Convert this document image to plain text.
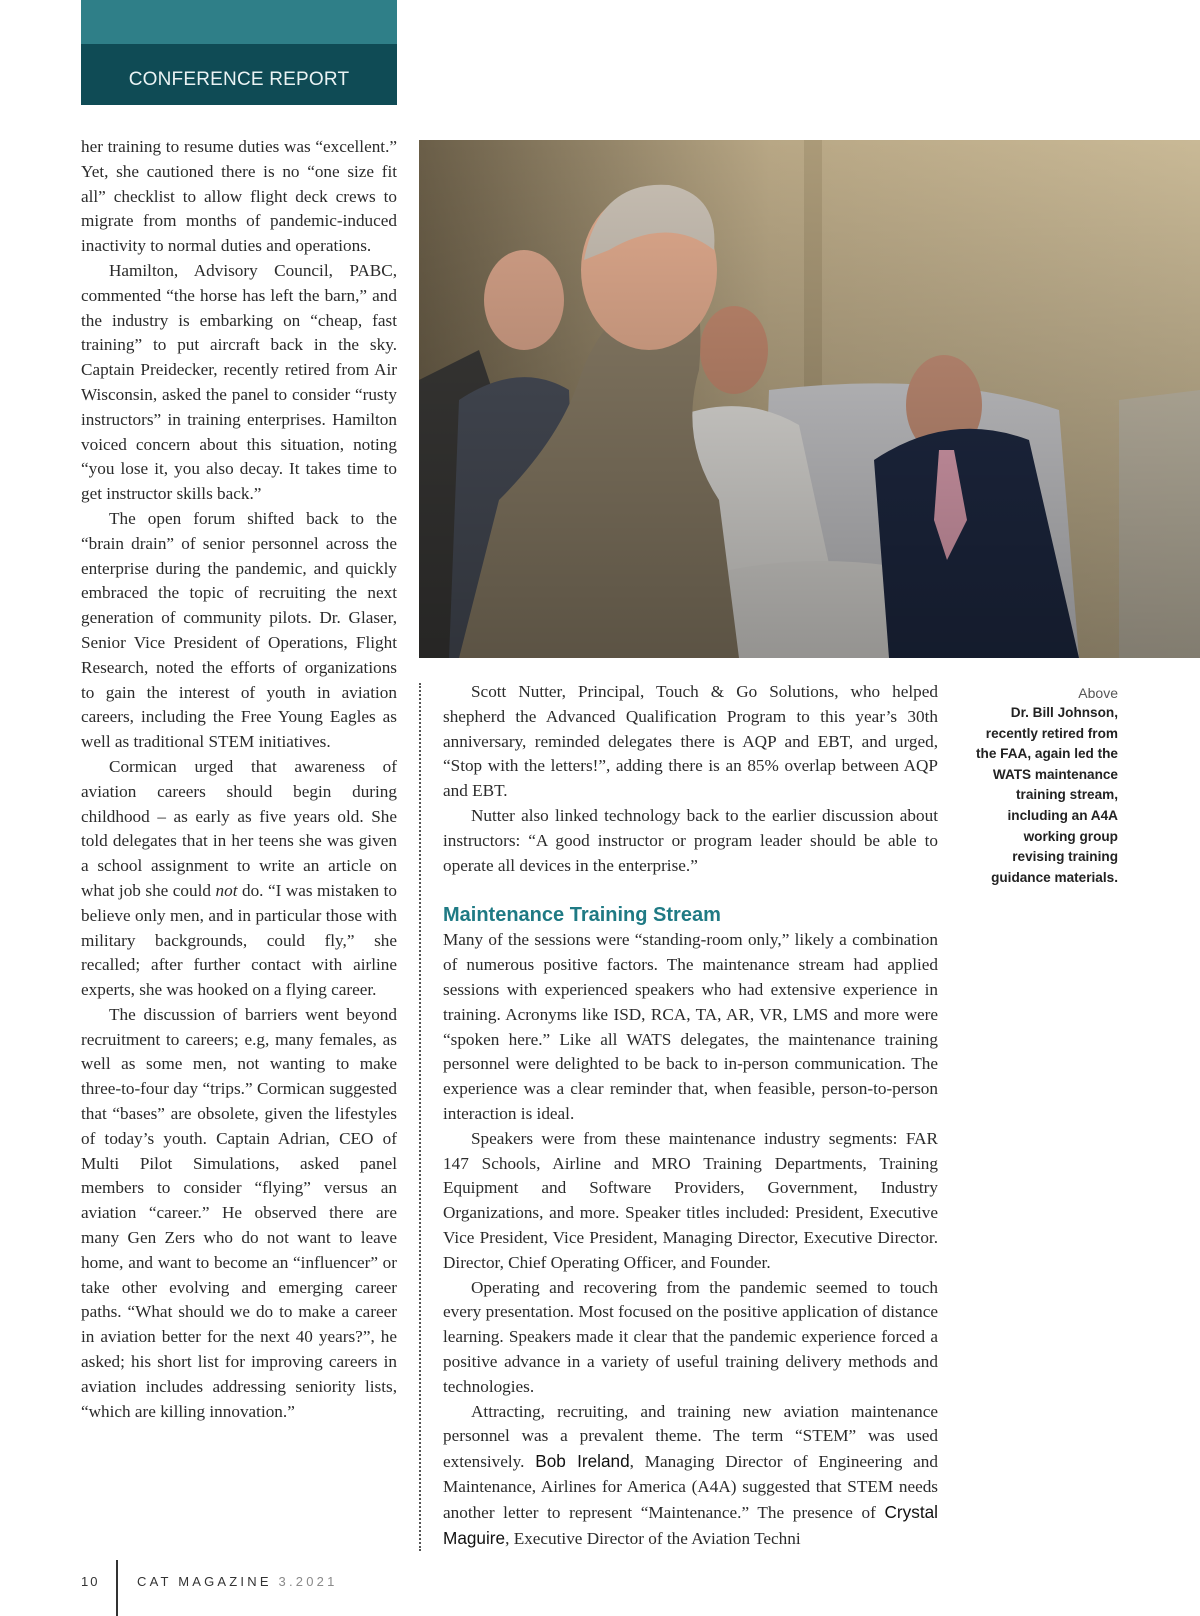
CONFERENCE REPORT

her training to resume duties was “excellent.” Yet, she cautioned there is no “one size fit all” checklist to allow flight deck crews to migrate from months of pandemic-induced inactivity to normal duties and operations.

Hamilton, Advisory Council, PABC, commented “the horse has left the barn,” and the industry is embarking on “cheap, fast training” to put aircraft back in the sky. Captain Preidecker, recently retired from Air Wisconsin, asked the panel to consider “rusty instructors” in training enterprises. Hamilton voiced concern about this situation, noting “you lose it, you also decay. It takes time to get instructor skills back.”

The open forum shifted back to the “brain drain” of senior personnel across the enterprise during the pandemic, and quickly embraced the topic of recruiting the next generation of community pilots. Dr. Glaser, Senior Vice President of Operations, Flight Research, noted the efforts of organizations to gain the interest of youth in aviation careers, including the Free Young Eagles as well as traditional STEM initiatives.

Cormican urged that awareness of aviation careers should begin during childhood – as early as five years old. She told delegates that in her teens she was given a school assignment to write an article on what job she could not do. “I was mistaken to believe only men, and in particular those with military backgrounds, could fly,” she recalled; after further contact with airline experts, she was hooked on a flying career.

The discussion of barriers went beyond recruitment to careers; e.g, many females, as well as some men, not wanting to make three-to-four day “trips.” Cormican suggested that “bases” are obsolete, given the lifestyles of today’s youth. Captain Adrian, CEO of Multi Pilot Simulations, asked panel members to consider “flying” versus an aviation “career.” He observed there are many Gen Zers who do not want to leave home, and want to become an “influencer” or take other evolving and emerging career paths. “What should we do to make a career in aviation better for the next 40 years?”, he asked; his short list for improving careers in aviation includes addressing seniority lists, “which are killing innovation.”

Scott Nutter, Principal, Touch & Go Solutions, who helped shepherd the Advanced Qualification Program to this year’s 30th anniversary, reminded delegates there is AQP and EBT, and urged, “Stop with the letters!”, adding there is an 85% overlap between AQP and EBT.

Nutter also linked technology back to the earlier discussion about instructors: “A good instructor or program leader should be able to operate all devices in the enterprise.”

Maintenance Training Stream

Many of the sessions were “standing-room only,” likely a combination of numerous positive factors. The maintenance stream had applied sessions with experienced speakers who had extensive experience in training. Acronyms like ISD, RCA, TA, AR, VR, LMS and more were “spoken here.” Like all WATS delegates, the maintenance training personnel were delighted to be back to in-person communication. The experience was a clear reminder that, when feasible, person-to-person interaction is ideal.

Speakers were from these maintenance industry segments: FAR 147 Schools, Airline and MRO Training Departments, Training Equipment and Software Providers, Government, Industry Organizations, and more. Speaker titles included: President, Executive Vice President, Vice President, Managing Director, Executive Director. Director, Chief Operating Officer, and Founder.

Operating and recovering from the pandemic seemed to touch every presentation. Most focused on the positive application of distance learning. Speakers made it clear that the pandemic experience forced a positive advance in a variety of useful training delivery methods and technologies.

Attracting, recruiting, and training new aviation maintenance personnel was a prevalent theme. The term “STEM” was used extensively. Bob Ireland, Managing Director of Engineering and Maintenance, Airlines for America (A4A) suggested that STEM needs another letter to represent “Maintenance.” The presence of Crystal Maguire, Executive Director of the Aviation Techni

Above
Dr. Bill Johnson, recently retired from the FAA, again led the WATS maintenance training stream, including an A4A working group revising training guidance materials.
10	CAT MAGAZINE 3.2021
